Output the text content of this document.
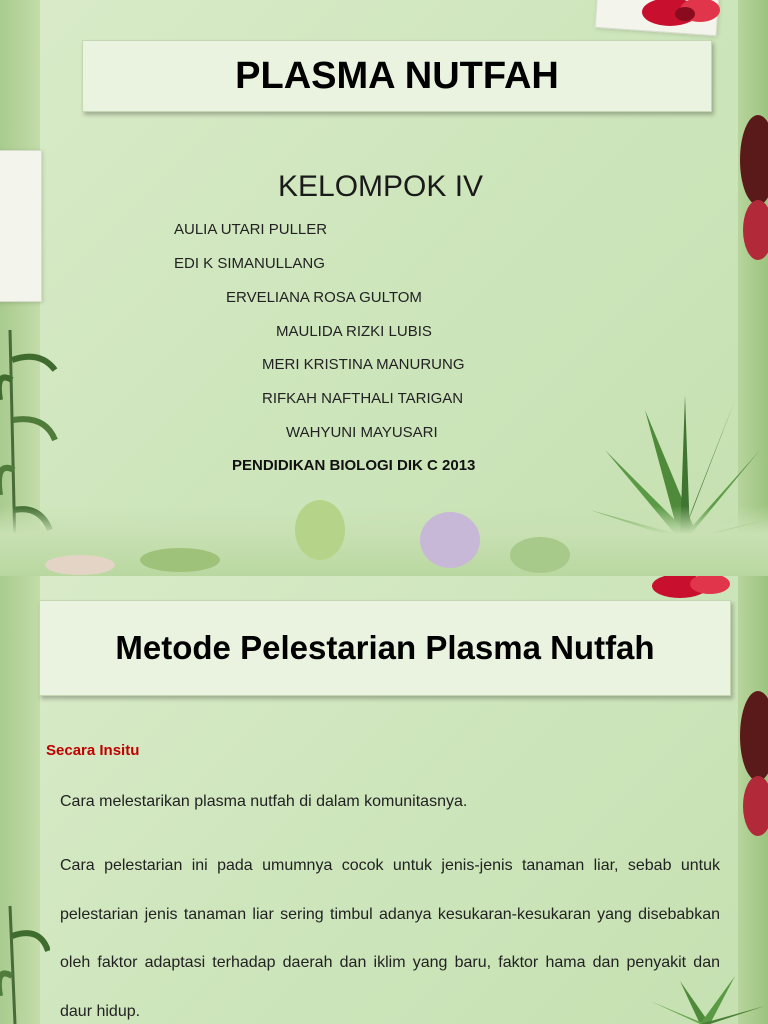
PLASMA NUTFAH
KELOMPOK IV
AULIA UTARI PULLER
EDI K SIMANULLANG
ERVELIANA ROSA GULTOM
MAULIDA RIZKI LUBIS
MERI KRISTINA MANURUNG
RIFKAH NAFTHALI TARIGAN
WAHYUNI MAYUSARI
PENDIDIKAN BIOLOGI DIK C 2013
Metode Pelestarian Plasma Nutfah
Secara Insitu
Cara melestarikan plasma nutfah di dalam komunitasnya.
Cara pelestarian ini pada umumnya cocok untuk jenis-jenis tanaman liar, sebab untuk pelestarian jenis tanaman liar sering timbul adanya kesukaran-kesukaran yang disebabkan oleh faktor adaptasi terhadap daerah dan iklim yang baru, faktor hama dan penyakit dan daur hidup.
